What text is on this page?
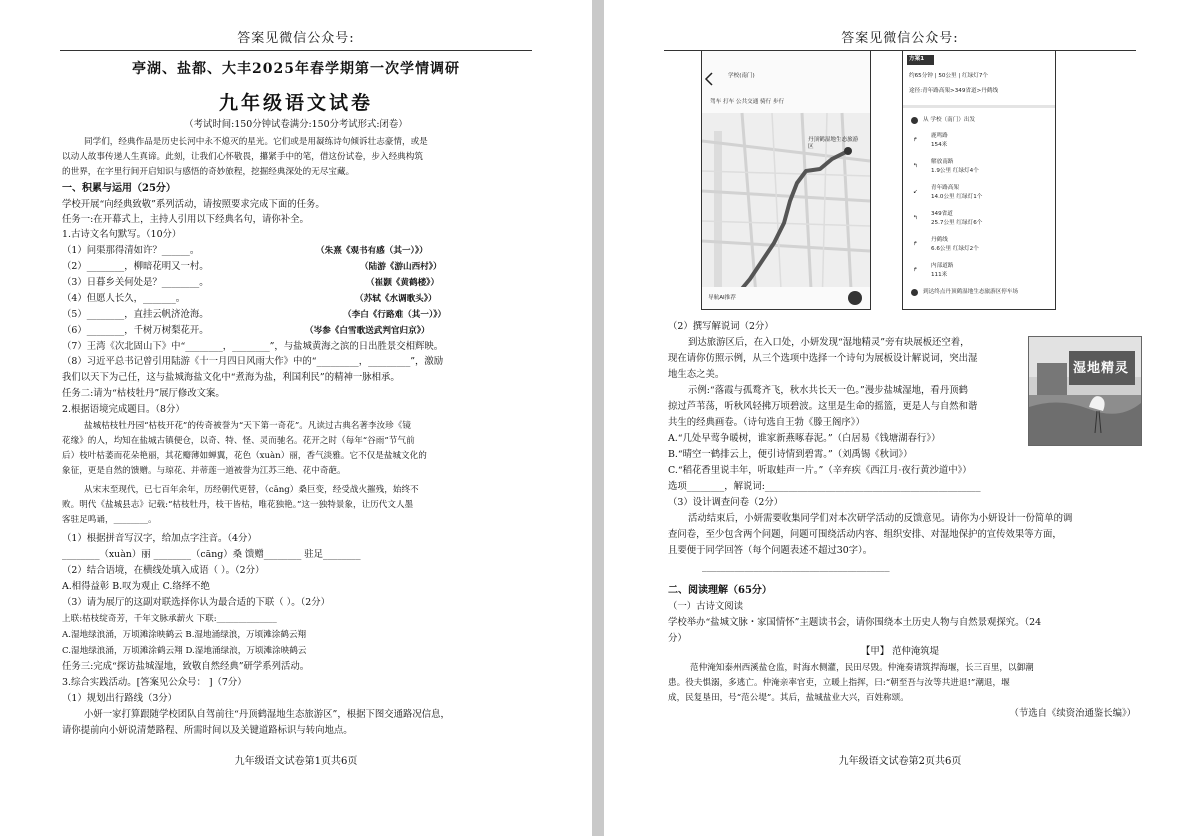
答案见微信公众号:
亭湖、盐都、大丰2025年春学期第一次学情调研
九年级语文试卷
（考试时间:150分钟试卷满分:150分考试形式:闭卷）
同学们，经典作品是历史长河中永不熄灭的星光。它们或是用凝练诗句倾诉壮志豪情，或是
以动人故事传递人生真谛。此刻，让我们心怀敬畏，攥紧手中的笔，借这份试卷，步入经典构筑
的世界，在字里行间开启知识与感悟的奇妙旅程，挖掘经典深处的无尽宝藏。
一、积累与运用（25分）
学校开展“向经典致敬”系列活动，请按照要求完成下面的任务。
任务一:在开幕式上，主持人引用以下经典名句，请你补全。
1.古诗文名句默写。（10分）
（1）问渠那得清如许？______。	（朱熹《观书有感（其一）》）
（2）________，柳暗花明又一村。	（陆游《游山西村》）
（3）日暮乡关何处是？________。	（崔颢《黄鹤楼》）
（4）但愿人长久，_______。	（苏轼《水调歌头》）
（5）________，直挂云帆济沧海。	（李白《行路难（其一）》）
（6）________，千树万树梨花开。	（岑参《白雪歌送武判官归京》）
（7）王湾《次北固山下》中“________，________”，与盐城黄海之滨的日出胜景交相辉映。
（8）习近平总书记曾引用陆游《十一月四日风雨大作》中的“_________，_________”，激励
我们以天下为己任，这与盐城海盐文化中“煮海为盐，利国利民”的精神一脉相承。
任务二:请为“枯枝牡丹”展厅修改文案。
2.根据语境完成题目。（8分）
盐城枯枝牡丹园“枯枝开花”的传奇被誉为“天下第一奇花”。凡读过古典名著李汝珍《镜
花缘》的人，均知在盐城古镇便仓，以奇、特、怪、灵而驰名。花开之时（每年“谷雨”节气前
后）枝叶枯萎而花朵艳丽，其花瓣薄如蝉翼，花色（xuàn）丽，香气淡雅。它不仅是盐城文化的
象征，更是自然的馈赠。与琼花、并蒂莲一道被誉为江苏三绝、花中奇葩。
从宋末至现代，已七百年余年，历经朝代更替，（cāng）桑巨变，经受战火摧残，始终不
败。明代《盐城县志》记载:“枯枝牡丹，枝干皆枯，唯花独艳。”这一独特景象，让历代文人墨
客驻足鸣诵，________。
（1）根据拼音写汉字，给加点字注音。（4分）
________（xuàn）丽 ________（cāng）桑 馈赠________ 驻足________
（2）结合语境，在横线处填入成语（ ）。（2分）
A.相得益彰 B.叹为观止 C.络绎不绝
（3）请为展厅的这副对联选择你认为最合适的下联（ ）。（2分）
上联:枯枝绽奇芳，千年文脉承薪火 下联:______________
A.湿地绿浪涌，万顷滩涂映鹤云 B.湿地涌绿浪，万顷滩涂鹤云翔
C.湿地绿浪涌，万顷滩涂鹤云翔 D.湿地涌绿浪，万顷滩涂映鹤云
任务三:完成“探访盐城湿地，致敬自然经典”研学系列活动。
3.综合实践活动。[答案见公众号： ]（7分）
（1）规划出行路线（3分）
小妍一家打算跟随学校团队自驾前往“丹顶鹤湿地生态旅游区”，根据下图交通路况信息，
请你提前向小妍说清楚路程、所需时间以及关键道路标识与转向地点。
九年级语文试卷第1页共6页
答案见微信公众号:
学校(南门)
驾车 打车 公共交通 骑行 步行
丹顶鹤湿地生态旅游区
导航AI推荐
方案1
约65分钟 | 50公里 | 红绿灯7个
途径:青年路高架>349省道>丹鹤线
从 学校（南门）出发
↱
鹿鸣路
154米
↰
解放南路
1.9公里 红绿灯4个
↙
青年路高架
14.0公里 红绿灯1个
↰
349省道
25.7公里 红绿灯6个
↱
丹鹤线
6.6公里 红绿灯2个
↱
内部道路
111米
到达终点丹顶鹤湿地生态旅游区停车场
（2）撰写解说词（2分）
到达旅游区后，在入口处，小妍发现“湿地精灵”旁有块展板还空着，
现在请你仿照示例，从三个选项中选择一个诗句为展板设计解说词，突出湿
地生态之美。
示例:“落霞与孤鹜齐飞，秋水共长天一色。”漫步盐城湿地，看丹顶鹤
掠过芦苇荡，听秋风轻拂万顷碧波。这里是生命的摇篮，更是人与自然和谐
共生的经典画卷。（诗句选自王勃《滕王阁序》）
湿地精灵
A.“几处早莺争暖树，谁家新燕啄春泥。”（白居易《钱塘湖春行》）
B.“晴空一鹤排云上，便引诗情到碧霄。”（刘禹锡《秋词》）
C.“稻花香里说丰年，听取蛙声一片。”（辛弃疾《西江月·夜行黄沙道中》）
选项________，解说词:______________________________________________
（3）设计调查问卷（2分）
活动结束后，小妍需要收集同学们对本次研学活动的反馈意见。请你为小妍设计一份简单的调
查问卷，至少包含两个问题，问题可围绕活动内容、组织安排、对湿地保护的宣传效果等方面，
且要便于同学回答（每个问题表述不超过30字）。
________________________________________
二、阅读理解（65分）
（一）古诗文阅读
学校举办“盐城文脉・家国情怀”主题读书会，请你围绕本土历史人物与自然景观探究。（24
分）
【甲】 范仲淹筑堤
范仲淹知泰州西溪盐仓监，时海水侧灌，民田尽毁。仲淹奏请筑捍海堰，长三百里，以御潮
患。役夫惧溺，多逃亡。仲淹亲率官吏，立暖上指挥，曰:“朝至吾与汝等共进退!”潮退，堰
成，民复垦田，号“范公堤”。其后，盐城盐业大兴，百姓称颂。
（节选自《续资治通鉴长编》）
九年级语文试卷第2页共6页
